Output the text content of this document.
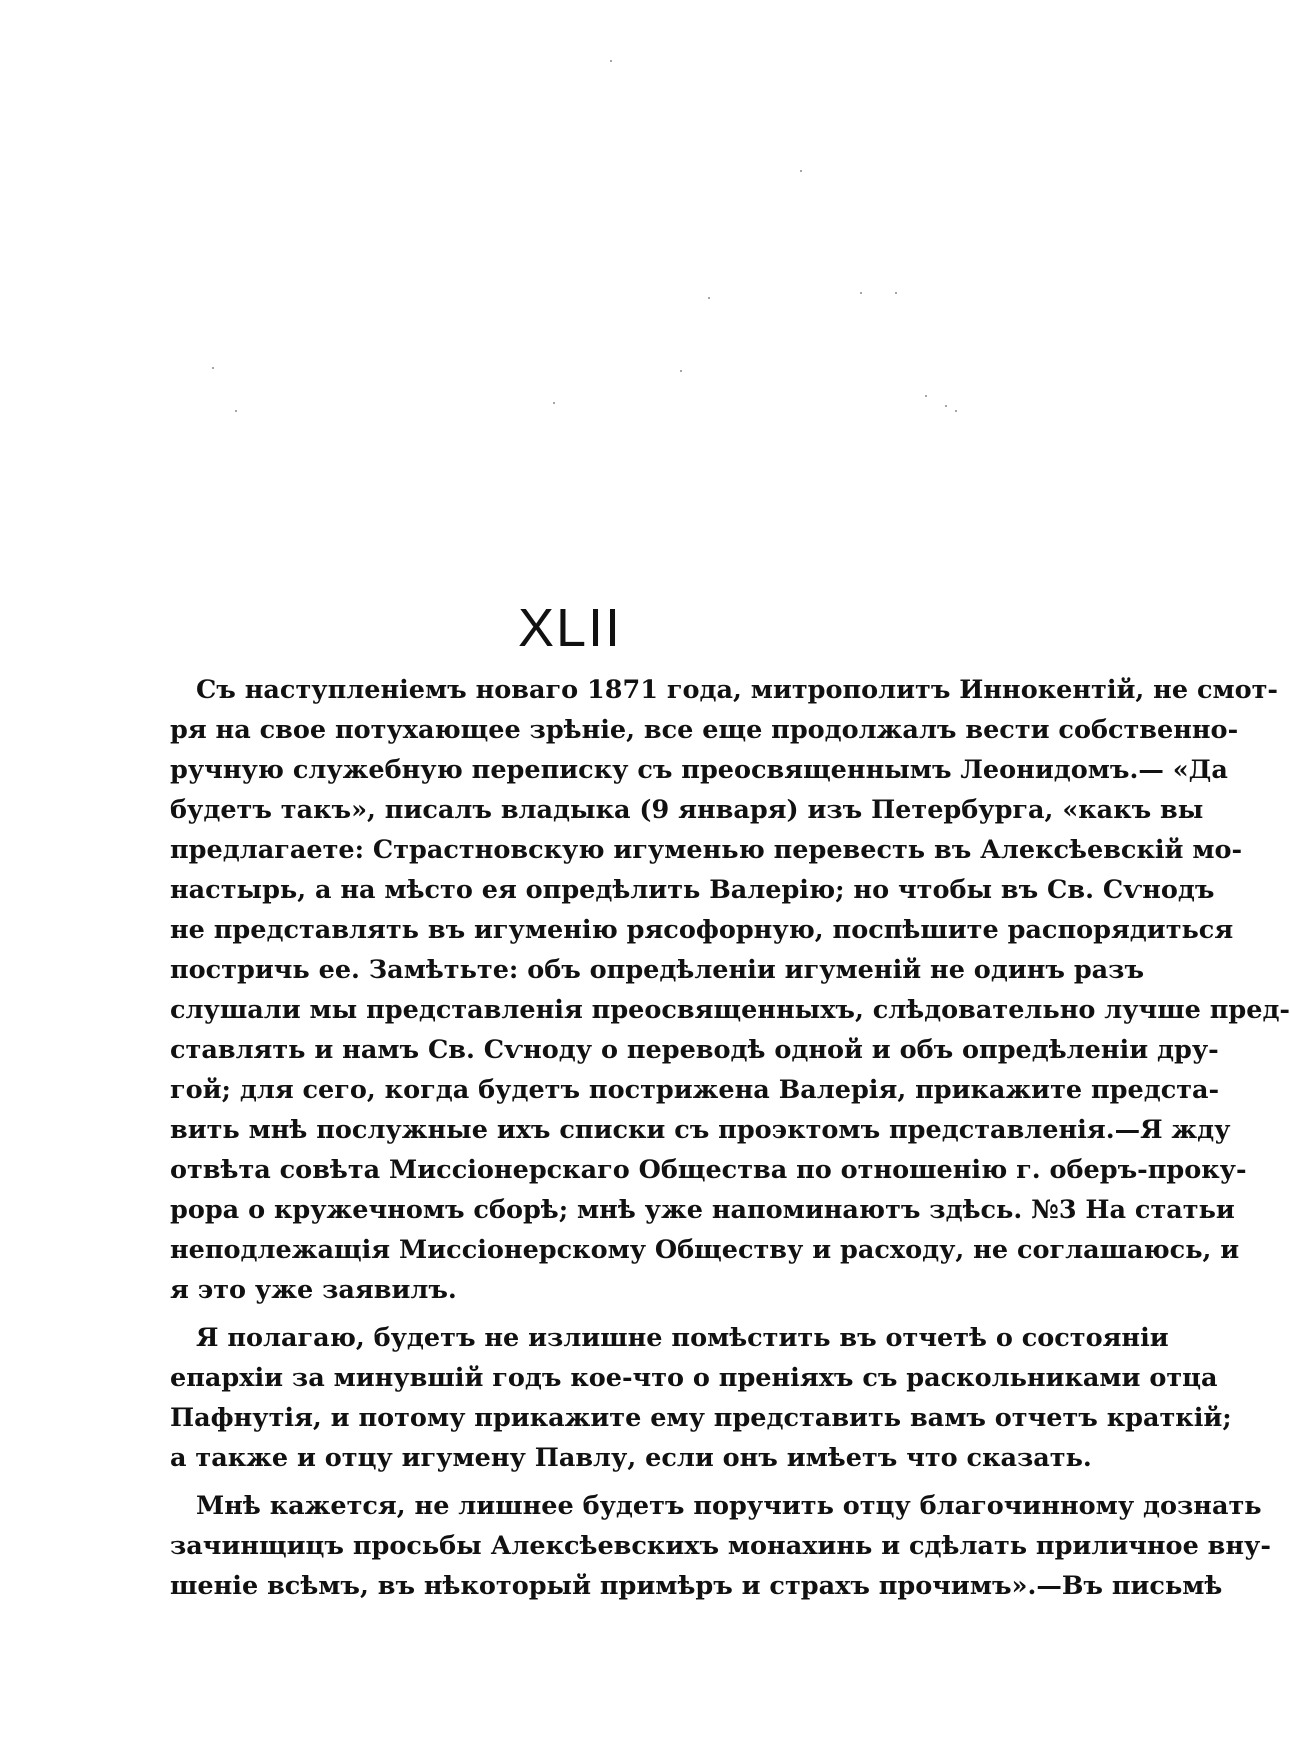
XLII
Съ наступленіемъ новаго 1871 года, митрополитъ Иннокентій, не смот-
ря на свое потухающее зрѣніе, все еще продолжалъ вести собственно-
ручную служебную переписку съ преосвященнымъ Леонидомъ.— «Да
будетъ такъ», писалъ владыка (9 января) изъ Петербурга, «какъ вы
предлагаете: Страстновскую игуменью перевесть въ Алексѣевскій мо-
настырь, а на мѣсто ея опредѣлить Валерію; но чтобы въ Св. Сѵнодъ
не представлять въ игуменію рясофорную, поспѣшите распорядиться
постричь ее. Замѣтьте: объ опредѣленіи игуменій не одинъ разъ
слушали мы представленія преосвященныхъ, слѣдовательно лучше пред-
ставлять и намъ Св. Сѵноду о переводѣ одной и объ опредѣленіи дру-
гой; для сего, когда будетъ пострижена Валерія, прикажите предста-
вить мнѣ послужные ихъ списки съ проэктомъ представленія.—Я жду
отвѣта совѣта Миссіонерскаго Общества по отношенію г. оберъ-проку-
рора о кружечномъ сборѣ; мнѣ уже напоминаютъ здѣсь. №3 На статьи
неподлежащія Миссіонерскому Обществу и расходу, не соглашаюсь, и
я это уже заявилъ.
Я полагаю, будетъ не излишне помѣстить въ отчетѣ о состояніи
епархіи за минувшій годъ кое-что о преніяхъ съ раскольниками отца
Пафнутія, и потому прикажите ему представить вамъ отчетъ краткій;
а также и отцу игумену Павлу, если онъ имѣетъ что сказать.
Мнѣ кажется, не лишнее будетъ поручить отцу благочинному дознать
зачинщицъ просьбы Алексѣевскихъ монахинь и сдѣлать приличное вну-
шеніе всѣмъ, въ нѣкоторый примѣръ и страхъ прочимъ».—Въ письмѣ
